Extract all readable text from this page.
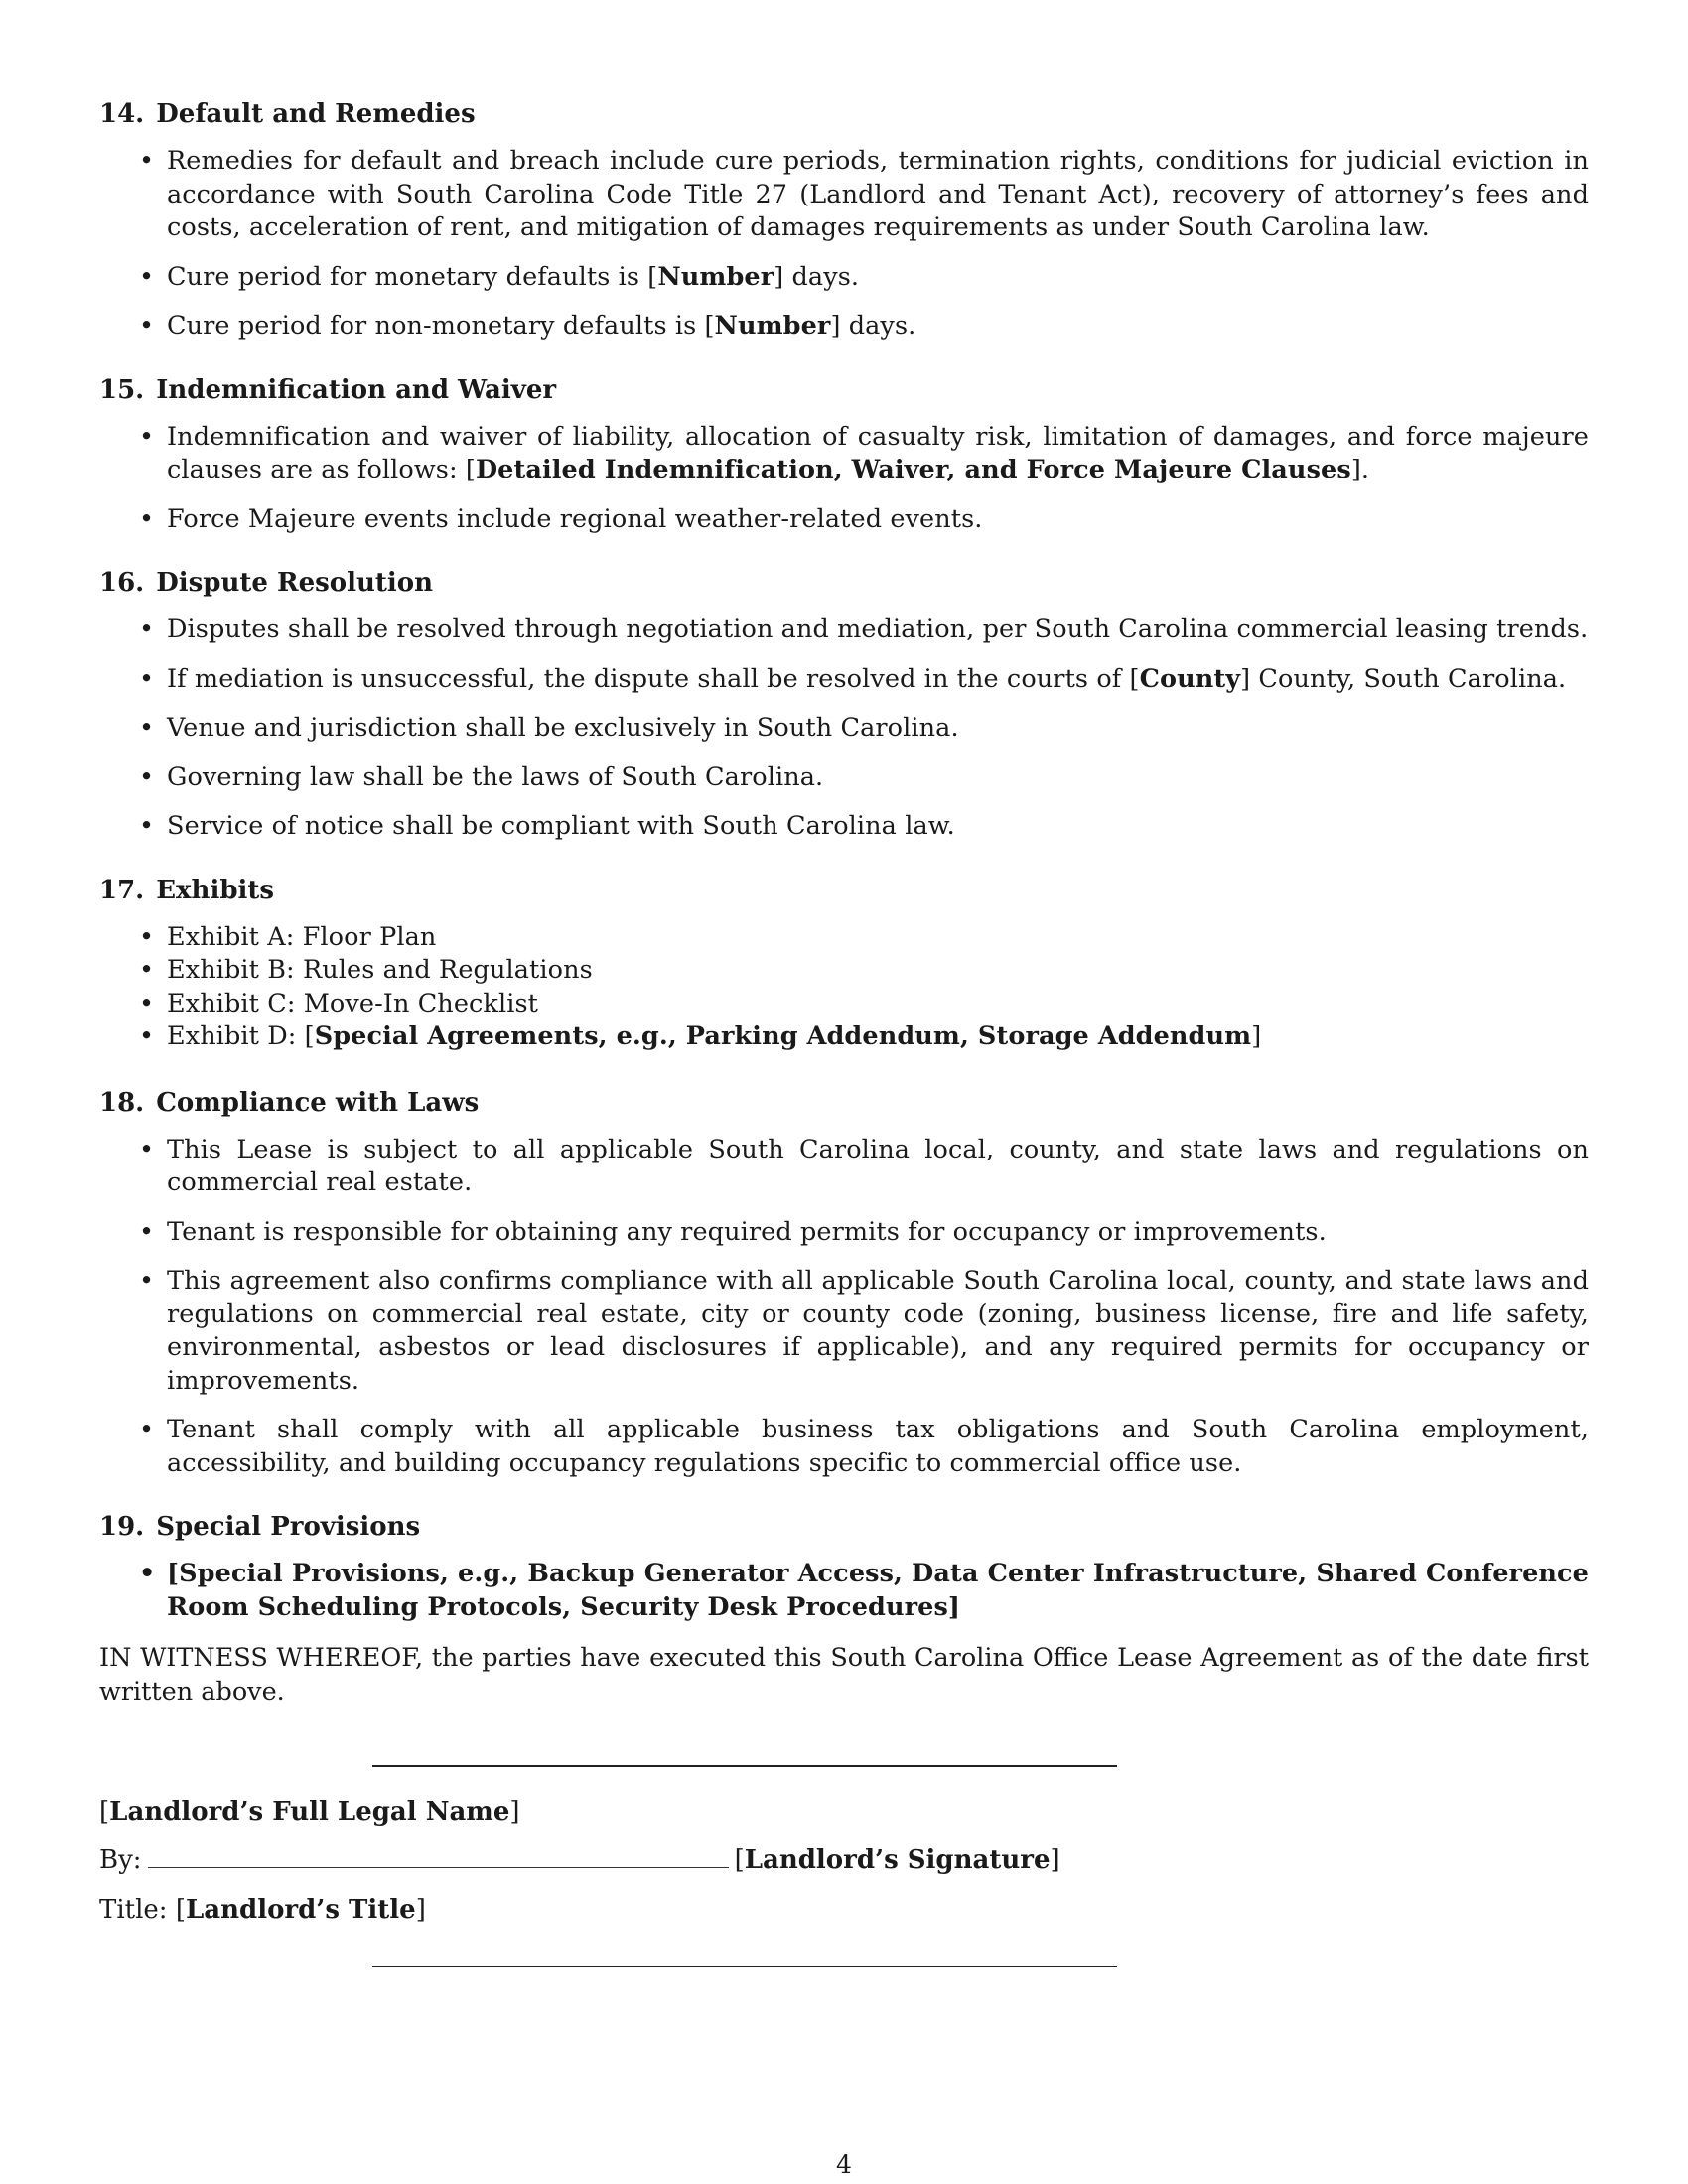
14. Default and Remedies
• Remedies for default and breach include cure periods, termination rights, conditions for judicial eviction in accordance with South Carolina Code Title 27 (Landlord and Tenant Act), recovery of attorney’s fees and costs, acceleration of rent, and mitigation of damages requirements as under South Carolina law.
• Cure period for monetary defaults is [Number] days.
• Cure period for non-monetary defaults is [Number] days.
15. Indemnification and Waiver
• Indemnification and waiver of liability, allocation of casualty risk, limitation of damages, and force majeure clauses are as follows: [Detailed Indemnification, Waiver, and Force Majeure Clauses].
• Force Majeure events include regional weather-related events.
16. Dispute Resolution
• Disputes shall be resolved through negotiation and mediation, per South Carolina commercial leasing trends.
• If mediation is unsuccessful, the dispute shall be resolved in the courts of [County] County, South Carolina.
• Venue and jurisdiction shall be exclusively in South Carolina.
• Governing law shall be the laws of South Carolina.
• Service of notice shall be compliant with South Carolina law.
17. Exhibits
• Exhibit A: Floor Plan
• Exhibit B: Rules and Regulations
• Exhibit C: Move-In Checklist
• Exhibit D: [Special Agreements, e.g., Parking Addendum, Storage Addendum]
18. Compliance with Laws
• This Lease is subject to all applicable South Carolina local, county, and state laws and regulations on commercial real estate.
• Tenant is responsible for obtaining any required permits for occupancy or improvements.
• This agreement also confirms compliance with all applicable South Carolina local, county, and state laws and regulations on commercial real estate, city or county code (zoning, business license, fire and life safety, environmental, asbestos or lead disclosures if applicable), and any required permits for occupancy or improvements.
• Tenant shall comply with all applicable business tax obligations and South Carolina employment, accessibility, and building occupancy regulations specific to commercial office use.
19. Special Provisions
• [Special Provisions, e.g., Backup Generator Access, Data Center Infrastructure, Shared Conference Room Scheduling Protocols, Security Desk Procedures]

IN WITNESS WHEREOF, the parties have executed this South Carolina Office Lease Agreement as of the date first written above.

[Landlord’s Full Legal Name]
By:	[Landlord’s Signature]
Title: [Landlord’s Title]
4
